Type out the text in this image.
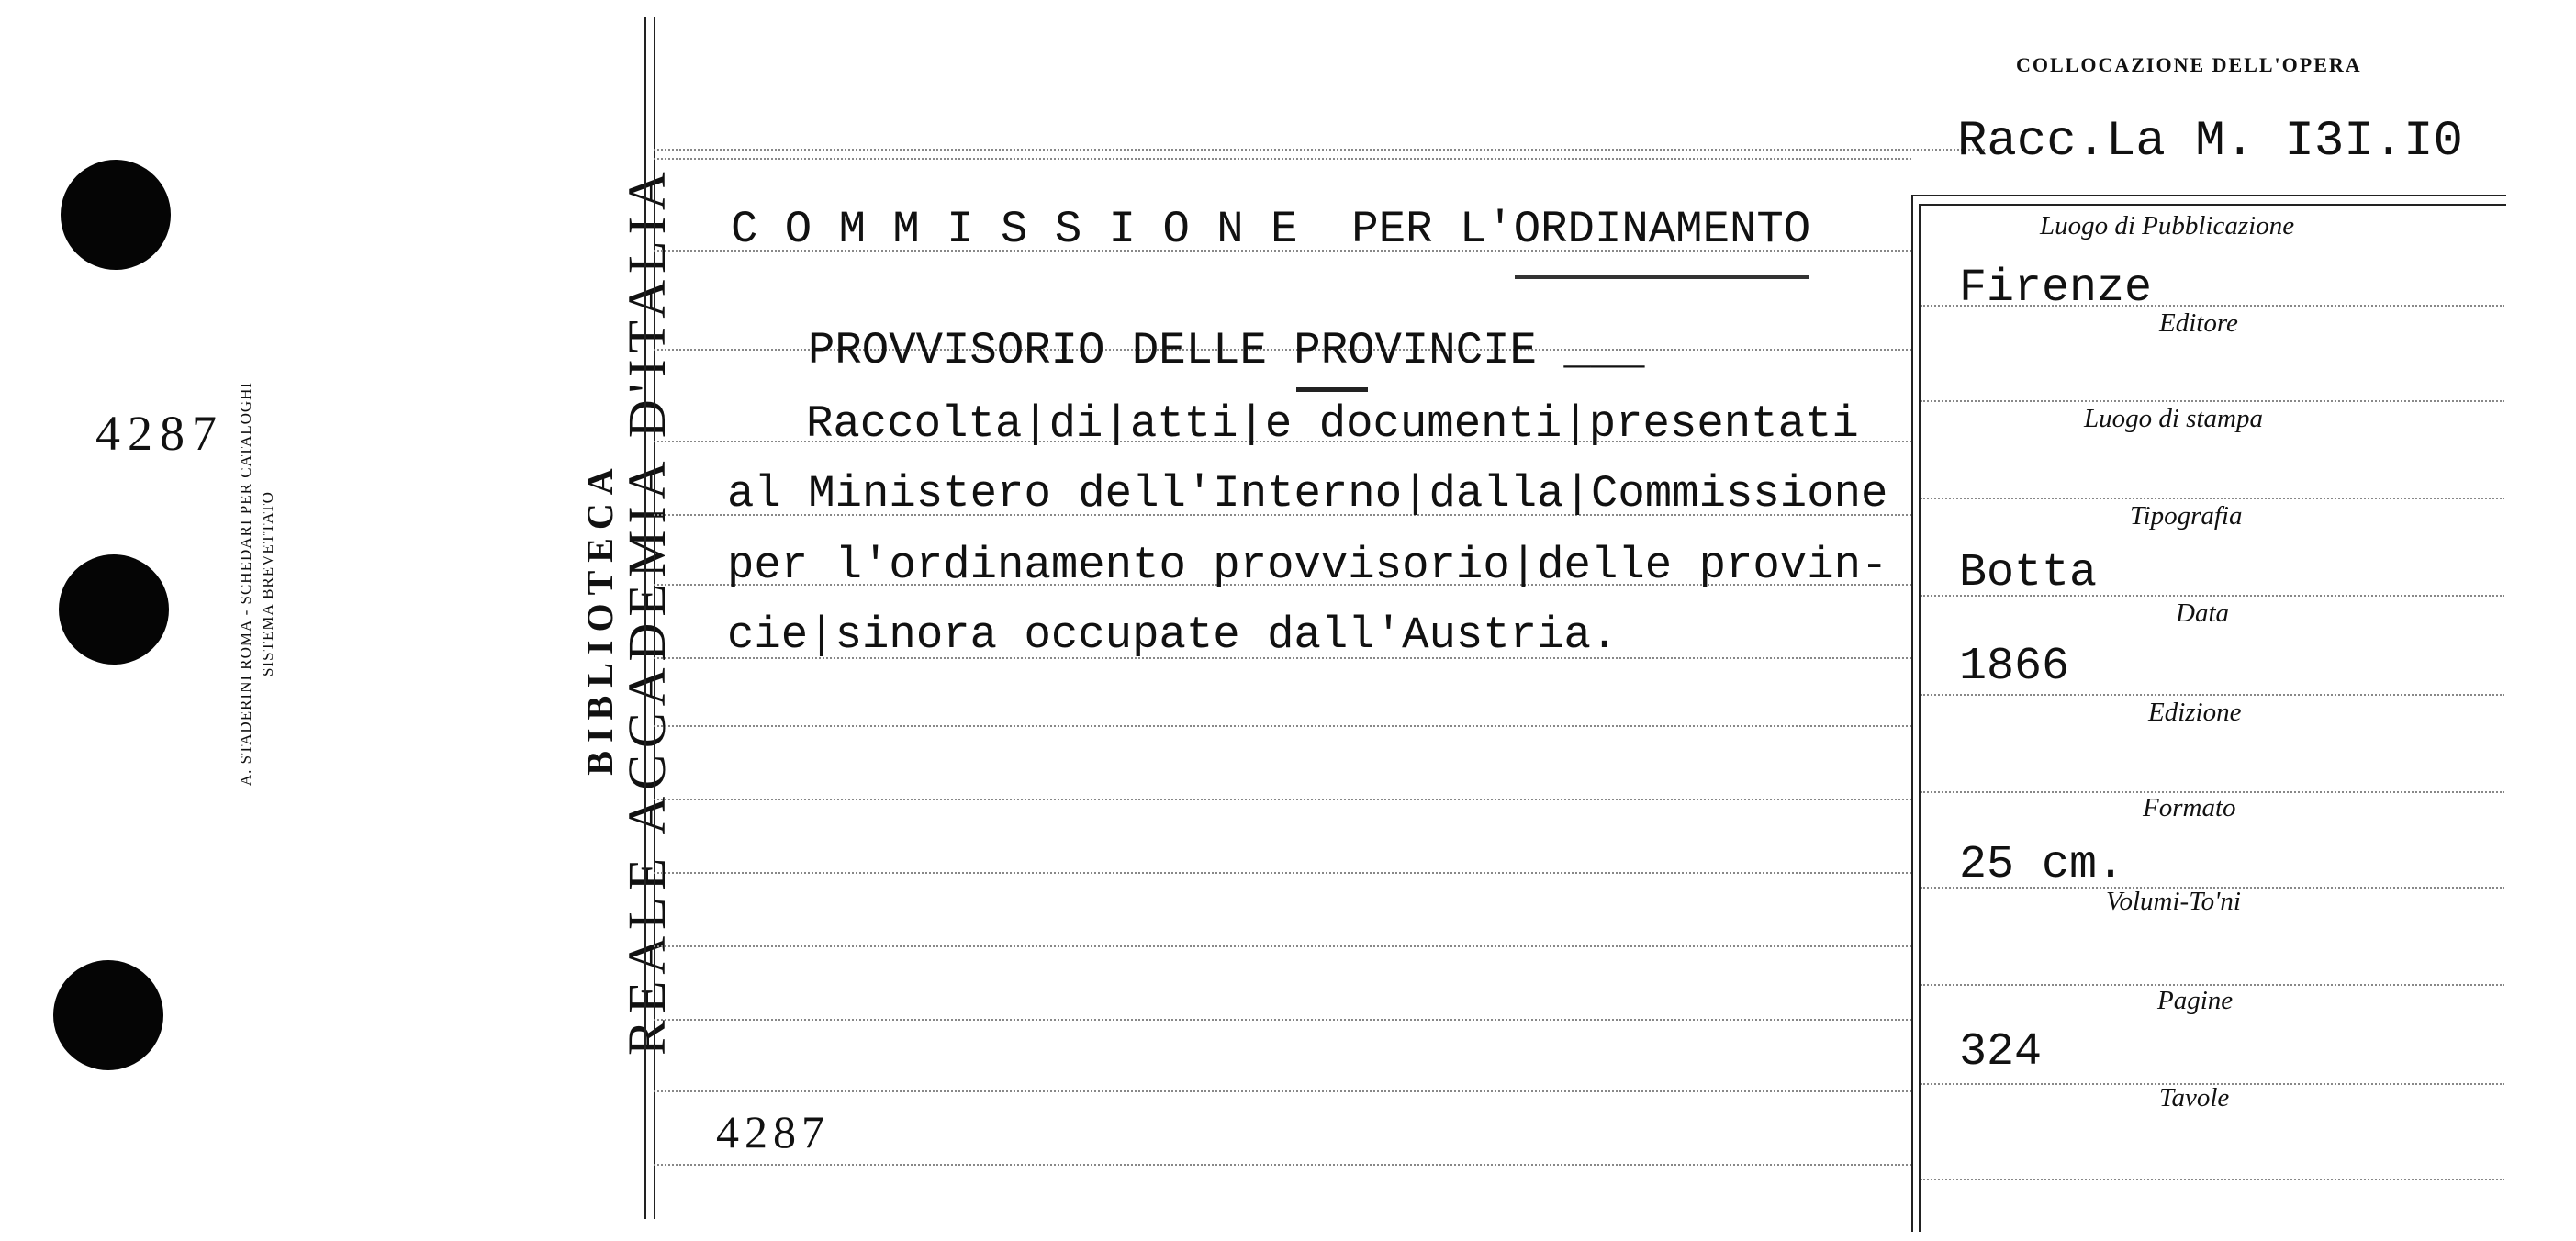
4287 A. STADERINI ROMA - SCHEDARI PER CATALOGHI SISTEMA BREVETTATO	REALE ACCADEMIA D'ITALIA
BIBLIOTECA
COLLOCAZIONE DELL'OPERA
Racc.La M. I3I.I0
C O M M I S S I O N E  PER L'ORDINAMENTO
PROVVISORIO DELLE PROVINCIE ___
Raccolta|di|atti|e documenti|presentati
al Ministero dell'Interno|dalla|Commissione
per l'ordinamento provvisorio|delle provin-
cie|sinora occupate dall'Austria.
4287
Luogo di Pubblicazione
Firenze
Editore
Luogo di stampa
Tipografia
Botta
Data
1866
Edizione
Formato
25 cm.
Volumi-To'ni
Pagine
324
Tavole
